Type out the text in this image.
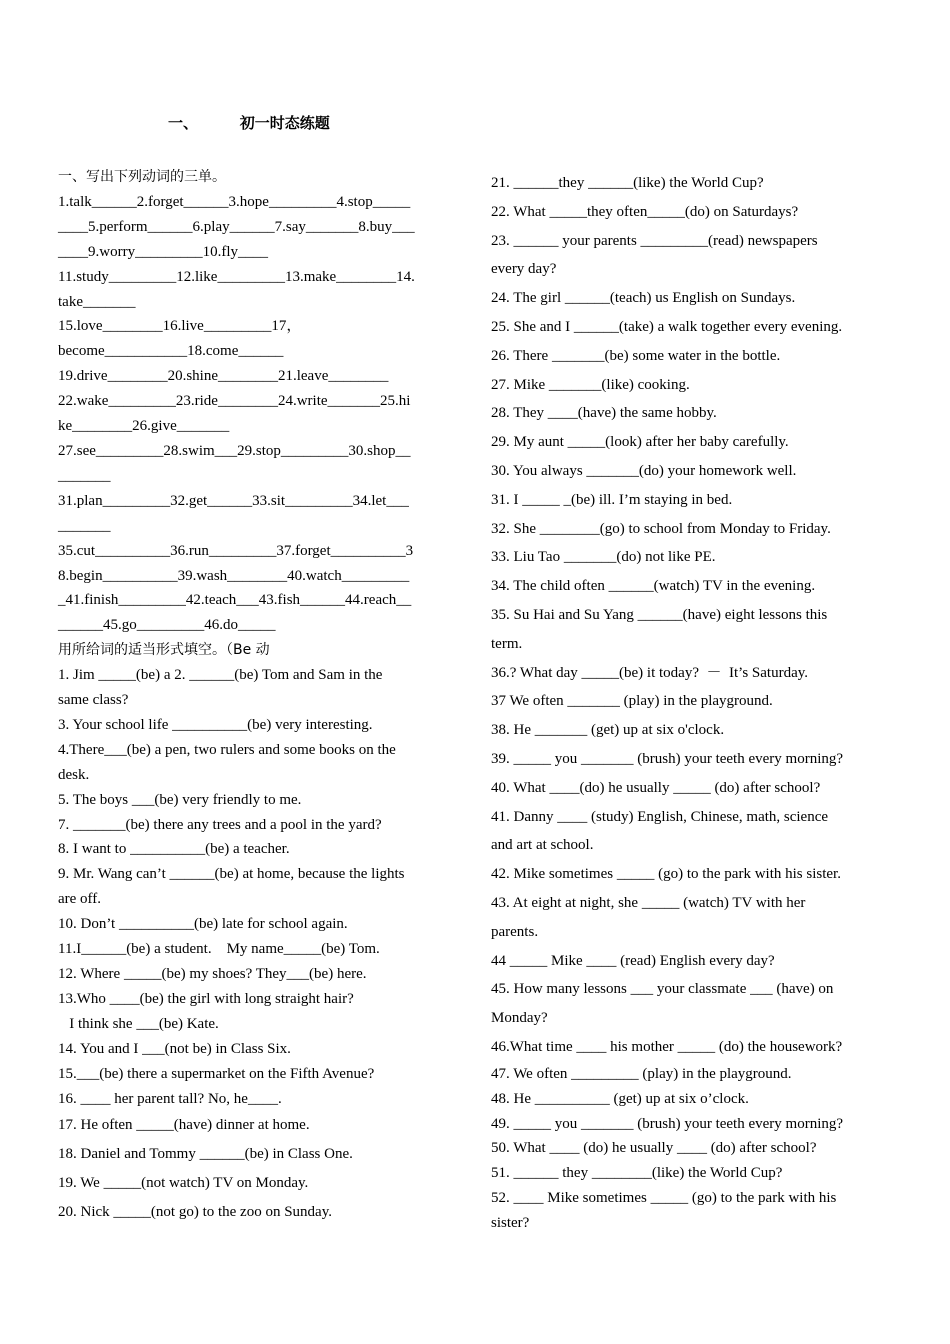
一、        初一时态练题
一、写出下列动词的三单。
1.talk______2.forget______3.hope_________4.stop_____
____5.perform______6.play______7.say_______8.buy___
____9.worry_________10.fly____
11.study_________12.like_________13.make________14.
take_______
15.love________16.live_________17，
become___________18.come______
19.drive________20.shine________21.leave________
22.wake_________23.ride________24.write_______25.hi
ke________26.give_______
27.see_________28.swim___29.stop_________30.shop__
_______
31.plan_________32.get______33.sit_________34.let___
_______
35.cut__________36.run_________37.forget__________3
8.begin__________39.wash________40.watch_________
_41.finish_________42.teach___43.fish______44.reach__
______45.go_________46.do_____
用所给词的适当形式填空。（Be 动
1. Jim _____(be) a 2. ______(be) Tom and Sam in the
same class?
3. Your school life __________(be) very interesting.
4.There___(be) a pen, two rulers and some books on the
desk.
5. The boys ___(be) very friendly to me.
7. _______(be) there any trees and a pool in the yard?
8. I want to __________(be) a teacher.
9. Mr. Wang can’t ______(be) at home, because the lights
are off.
10. Don’t __________(be) late for school again.
11.I______(be) a student.    My name_____(be) Tom.
12. Where _____(be) my shoes? They___(be) here.
13.Who ____(be) the girl with long straight hair?
I think she ___(be) Kate.
14. You and I ___(not be) in Class Six.
15.___(be) there a supermarket on the Fifth Avenue?
16. ____ her parent tall? No, he____.
17. He often _____(have) dinner at home.
18. Daniel and Tommy ______(be) in Class One.
19. We _____(not watch) TV on Monday.
20. Nick _____(not go) to the zoo on Sunday.
21. ______they ______(like) the World Cup?
22. What _____they often_____(do) on Saturdays?
23. ______ your parents _________(read) newspapers
every day?
24. The girl ______(teach) us English on Sundays.
25. She and I ______(take) a walk together every evening.
26. There _______(be) some water in the bottle.
27. Mike _______(like) cooking.
28. They ____(have) the same hobby.
29. My aunt _____(look) after her baby carefully.
30. You always _______(do) your homework well.
31. I _____ _(be) ill. I’m staying in bed.
32. She ________(go) to school from Monday to Friday.
33. Liu Tao _______(do) not like PE.
34. The child often ______(watch) TV in the evening.
35. Su Hai and Su Yang ______(have) eight lessons this
term.
36.? What day _____(be) it today?  －  It’s Saturday.
37 We often _______ (play) in the playground.
38. He _______ (get) up at six o'clock.
39. _____ you _______ (brush) your teeth every morning?
40. What ____(do) he usually _____ (do) after school?
41. Danny ____ (study) English, Chinese, math, science
and art at school.
42. Mike sometimes _____ (go) to the park with his sister.
43. At eight at night, she _____ (watch) TV with her
parents.
44 _____ Mike ____ (read) English every day?
45. How many lessons ___ your classmate ___ (have) on
Monday?
46.What time ____ his mother _____ (do) the housework?
47. We often _________ (play) in the playground.
48. He __________ (get) up at six o’clock.
49. _____ you _______ (brush) your teeth every morning?
50. What ____ (do) he usually ____ (do) after school?
51. ______ they ________(like) the World Cup?
52. ____ Mike sometimes _____ (go) to the park with his
sister?
